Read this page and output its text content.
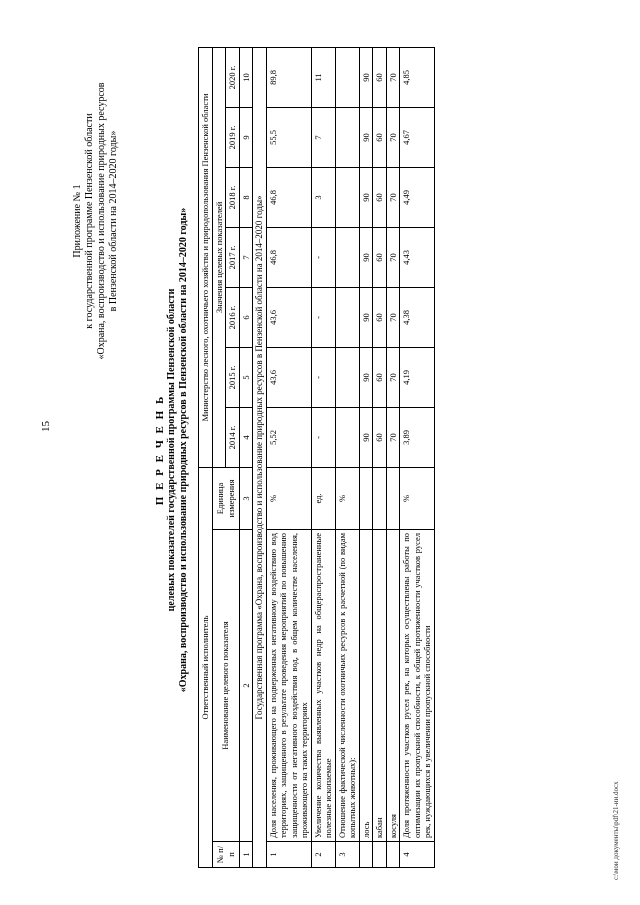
15
c:\мои документы\pdf\21-ии.docx
Приложение № 1 к государственной программе Пензенской области «Охрана, воспроизводство и использование природных ресурсов в Пензенской области на 2014–2020 годы»
П Е Р Е Ч Е Н Ь целевых показателей государственной программы Пензенской области «Охрана, воспроизводство и использование природных ресурсов в Пензенской области на 2014–2020 годы» Ответственный исполнитель			Министерство лесного, охотничьего хозяйства и природопользования Пензенской области						
№ п/п	Наименование целевого показателя	Единица измерения	Значения целевых показателей						
			2014 г.	2015 г.	2016 г.	2017 г.	2018 г.	2019 г.	2020 г.
1	2	3	4	5	6	7	8	9	10
Государственная программа «Охрана, воспроизводство и использование природных ресурсов в Пензенской области на 2014–2020 годы»									
1	Доля населения, проживающего на подверженных негативному воздействию вод территориях, защищенного в результате проведения мероприятий по повышению защищенности от негативного воздействия вод, в общем количестве населения, проживающего на таких территориях	%	5,52	43,6	43,6	46,8	46,8	55,5	89,8
2	Увеличение количества выявленных участков недр на общераспространенные полезные ископаемые	ед.	-	-	-	-	3	7	11
3	Отношение фактической численности охотничьих ресурсов к расчетной (по видам копытных животных):	%							
	лось		90	90	90	90	90	90	90
	кабан		60	60	60	60	60	60	60
	косуля		70	70	70	70	70	70	70
4	Доля протяженности участков русел рек, на которых осуществлены работы по оптимизации их пропускной способности, к общей протяженности участков русел рек, нуждающихся в увеличении пропускной способности	%	3,89	4,19	4,38	4,43	4,49	4,67	4,85
